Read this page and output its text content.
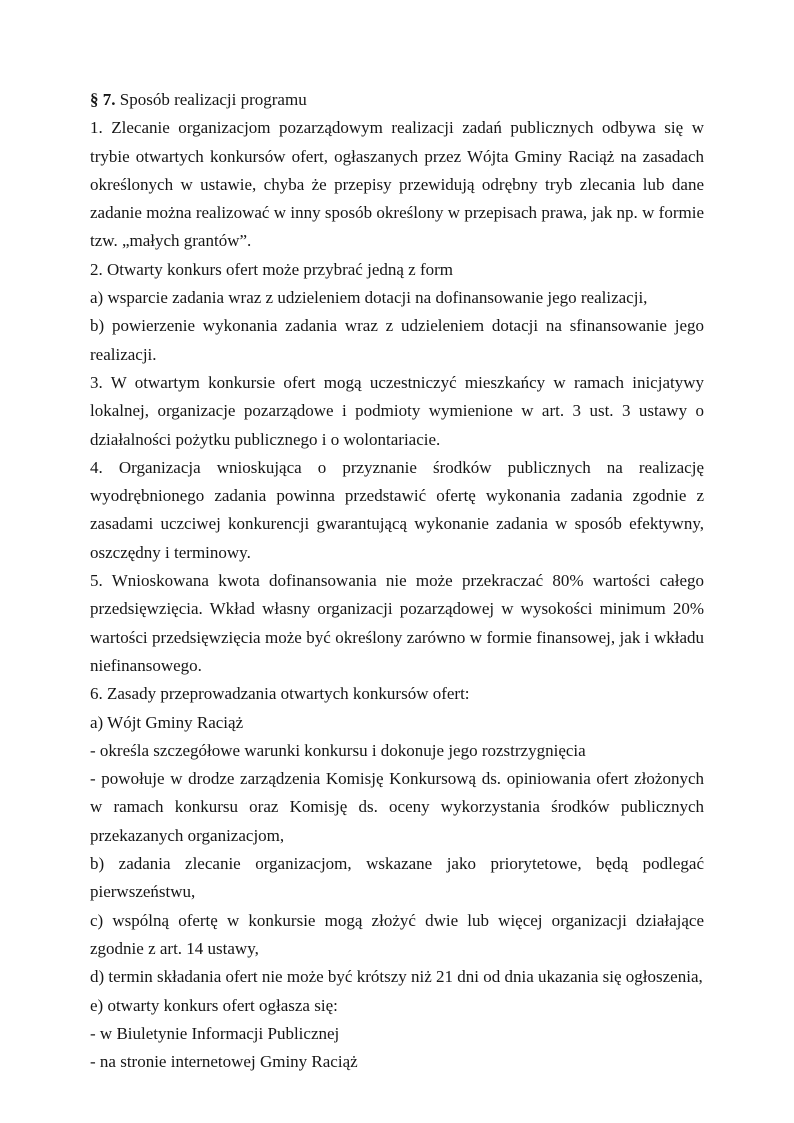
§ 7. Sposób realizacji programu

1. Zlecanie organizacjom pozarządowym realizacji zadań publicznych odbywa się w trybie otwartych konkursów ofert, ogłaszanych przez Wójta Gminy Raciąż na zasadach określonych w ustawie, chyba że przepisy przewidują odrębny tryb zlecania lub dane zadanie można realizować w inny sposób określony w przepisach prawa, jak np. w formie tzw. „małych grantów”.

2. Otwarty konkurs ofert może przybrać jedną z form

a) wsparcie zadania wraz z udzieleniem dotacji na dofinansowanie jego realizacji,

b) powierzenie wykonania zadania wraz z udzieleniem dotacji na sfinansowanie jego realizacji.

3. W otwartym konkursie ofert mogą uczestniczyć mieszkańcy w ramach inicjatywy lokalnej, organizacje pozarządowe i podmioty wymienione w art. 3 ust. 3 ustawy o działalności pożytku publicznego i o wolontariacie.

4. Organizacja wnioskująca o przyznanie środków publicznych na realizację wyodrębnionego zadania powinna przedstawić ofertę wykonania zadania zgodnie z zasadami uczciwej konkurencji gwarantującą wykonanie zadania w sposób efektywny, oszczędny i terminowy.

5. Wnioskowana kwota dofinansowania nie może przekraczać 80% wartości całego przedsięwzięcia. Wkład własny organizacji pozarządowej w wysokości minimum 20% wartości przedsięwzięcia może być określony zarówno w formie finansowej, jak i wkładu niefinansowego.

6. Zasady przeprowadzania otwartych konkursów ofert:

a) Wójt Gminy Raciąż

- określa szczegółowe warunki konkursu i dokonuje jego rozstrzygnięcia

- powołuje w drodze zarządzenia Komisję Konkursową ds. opiniowania ofert złożonych w ramach konkursu oraz Komisję ds. oceny wykorzystania środków publicznych przekazanych organizacjom,

b) zadania zlecanie organizacjom, wskazane jako priorytetowe, będą podlegać pierwszeństwu,

c) wspólną ofertę w konkursie mogą złożyć dwie lub więcej organizacji działające zgodnie z art. 14 ustawy,

d) termin składania ofert nie może być krótszy niż 21 dni od dnia ukazania się ogłoszenia,

e) otwarty konkurs ofert ogłasza się:

- w Biuletynie Informacji Publicznej

- na stronie internetowej Gminy Raciąż
